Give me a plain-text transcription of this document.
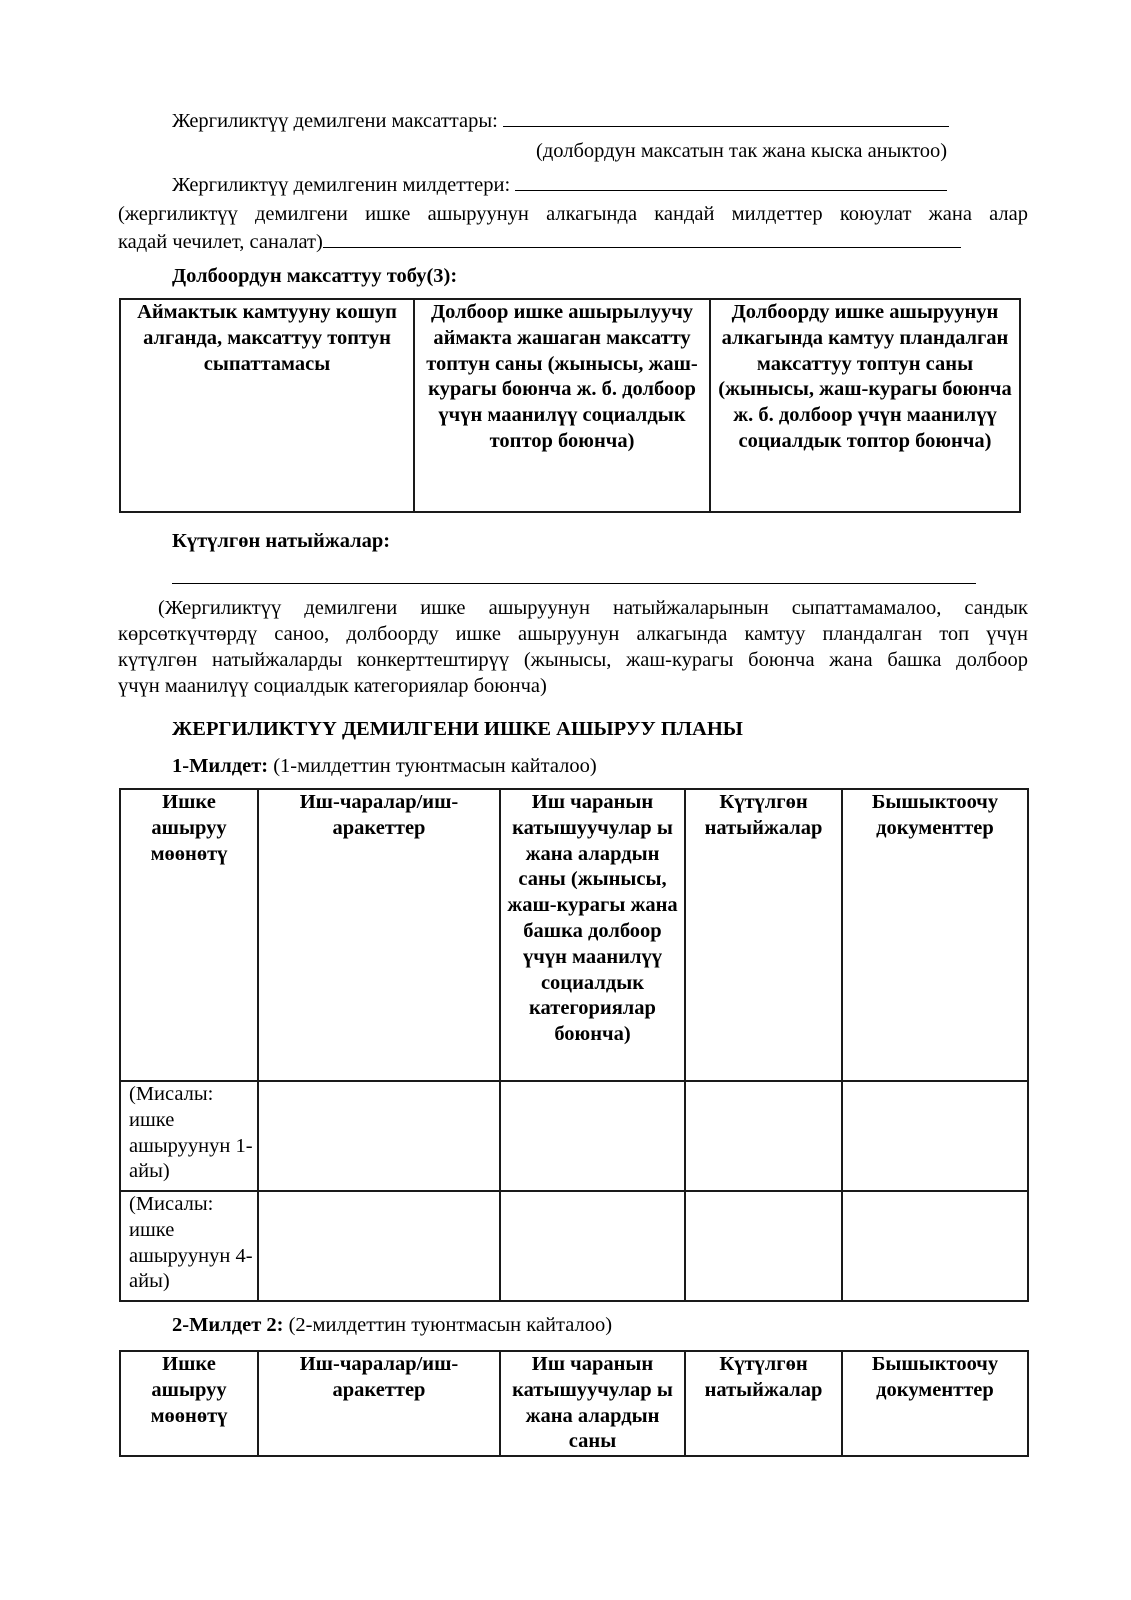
Жергиликтүү демилгени максаттары:
(долбордун максатын так жана кыска аныктоо)
Жергиликтүү демилгенин милдеттери:

(жергиликтүү демилгени ишке ашыруунун алкагында кандай милдеттер коюулат жана алар

кадай чечилет, саналат)
Долбоордун максаттуу тобу(3):
Аймактык камтууну кошуп алганда, максаттуу топтун сыпаттамасы	Долбоор ишке ашырылуучу аймакта жашаган максатту топтун саны (жынысы, жаш-курагы боюнча ж. б. долбоор үчүн маанилүү социалдык топтор боюнча)	Долбоорду ишке ашыруунун алкагында камтуу пландалган максаттуу топтун саны (жынысы, жаш-курагы боюнча ж. б. долбоор үчүн маанилүү социалдык топтор боюнча)
Күтүлгөн натыйжалар:

(Жергиликтүү демилгени ишке ашыруунун натыйжаларынын сыпаттамамалоо, сандык

көрсөткүчтөрдү саноо, долбоорду ишке ашыруунун алкагында камтуу пландалган топ үчүн

күтүлгөн натыйжаларды конкерттештирүү (жынысы, жаш-курагы боюнча жана башка долбоор

үчүн маанилүү социалдык категориялар боюнча)

ЖЕРГИЛИКТҮҮ ДЕМИЛГЕНИ ИШКЕ АШЫРУУ ПЛАНЫ
1-Милдет: (1-милдеттин туюнтмасын кайталоо)
Ишке ашыруу мөөнөтү	Иш-чаралар/иш-аракеттер	Иш чаранын катышуучулар ы жана алардын саны (жынысы, жаш-курагы жана башка долбоор үчүн маанилүү социалдык категориялар боюнча)	Күтүлгөн натыйжалар	Бышыктоочу документтер
(Мисалы: ишке ашыруунун 1-айы)				
(Мисалы: ишке ашыруунун 4-айы)				
2-Милдет 2: (2-милдеттин туюнтмасын кайталоо)
Ишке ашыруу мөөнөтү	Иш-чаралар/иш-аракеттер	Иш чаранын катышуучулар ы жана алардын саны	Күтүлгөн натыйжалар	Бышыктоочу документтер
